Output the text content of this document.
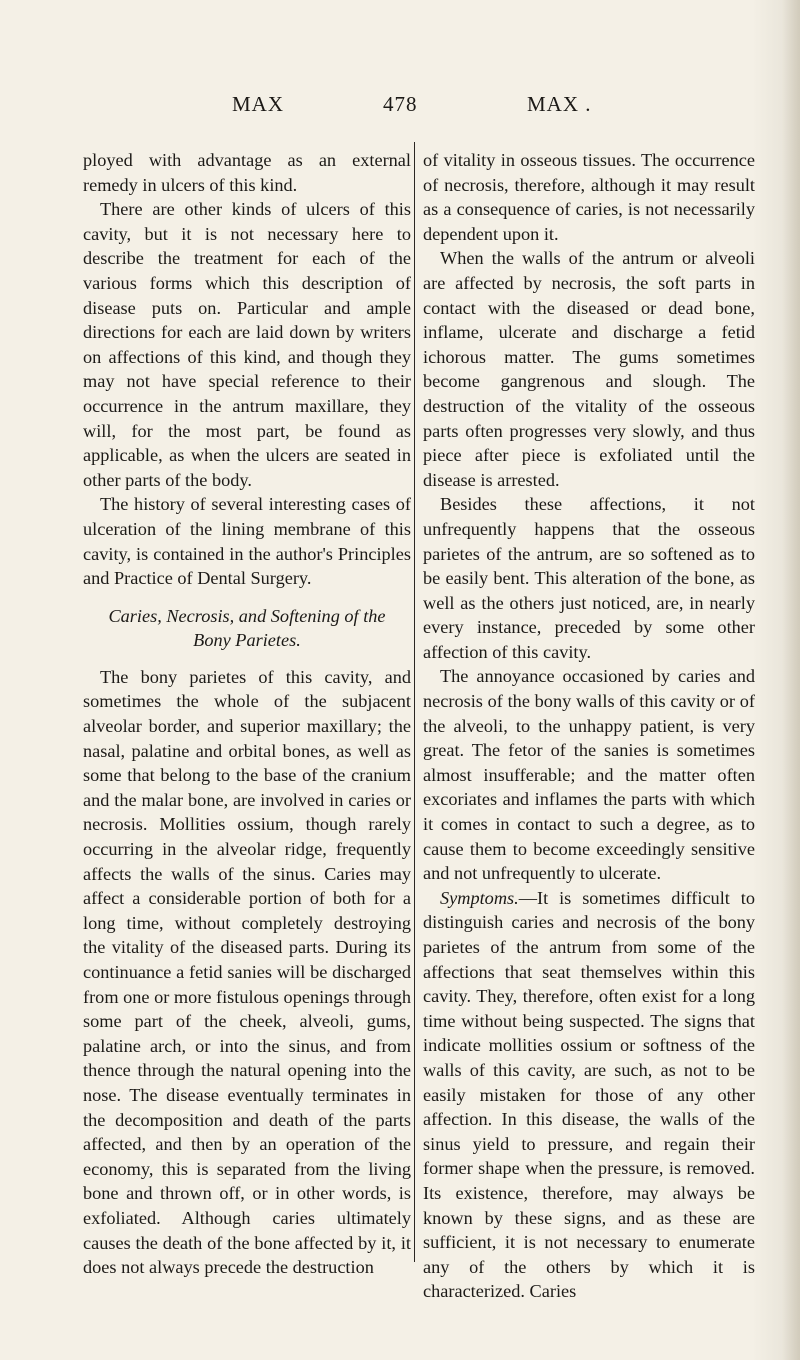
MAX	478	MAX .

ployed with advantage as an external remedy in ulcers of this kind.

There are other kinds of ulcers of this cavity, but it is not necessary here to describe the treatment for each of the various forms which this description of disease puts on. Particular and ample directions for each are laid down by writers on affections of this kind, and though they may not have special reference to their occurrence in the antrum maxillare, they will, for the most part, be found as applicable, as when the ulcers are seated in other parts of the body.

The history of several interesting cases of ulceration of the lining membrane of this cavity, is contained in the author's Principles and Practice of Dental Surgery.

Caries, Necrosis, and Softening of the Bony Parietes.

The bony parietes of this cavity, and sometimes the whole of the subjacent alveolar border, and superior maxillary; the nasal, palatine and orbital bones, as well as some that belong to the base of the cranium and the malar bone, are involved in caries or necrosis. Mollities ossium, though rarely occurring in the alveolar ridge, frequently affects the walls of the sinus. Caries may affect a considerable portion of both for a long time, without completely destroying the vitality of the diseased parts. During its continuance a fetid sanies will be discharged from one or more fistulous openings through some part of the cheek, alveoli, gums, palatine arch, or into the sinus, and from thence through the natural opening into the nose. The disease eventually terminates in the decomposition and death of the parts affected, and then by an operation of the economy, this is separated from the living bone and thrown off, or in other words, is exfoliated. Although caries ultimately causes the death of the bone affected by it, it does not always precede the destruction

of vitality in osseous tissues. The occurrence of necrosis, therefore, although it may result as a consequence of caries, is not necessarily dependent upon it.

When the walls of the antrum or alveoli are affected by necrosis, the soft parts in contact with the diseased or dead bone, inflame, ulcerate and discharge a fetid ichorous matter. The gums sometimes become gangrenous and slough. The destruction of the vitality of the osseous parts often progresses very slowly, and thus piece after piece is exfoliated until the disease is arrested.

Besides these affections, it not unfrequently happens that the osseous parietes of the antrum, are so softened as to be easily bent. This alteration of the bone, as well as the others just noticed, are, in nearly every instance, preceded by some other affection of this cavity.

The annoyance occasioned by caries and necrosis of the bony walls of this cavity or of the alveoli, to the unhappy patient, is very great. The fetor of the sanies is sometimes almost insufferable; and the matter often excoriates and inflames the parts with which it comes in contact to such a degree, as to cause them to become exceedingly sensitive and not unfrequently to ulcerate.

Symptoms.—It is sometimes difficult to distinguish caries and necrosis of the bony parietes of the antrum from some of the affections that seat themselves within this cavity. They, therefore, often exist for a long time without being suspected. The signs that indicate mollities ossium or softness of the walls of this cavity, are such, as not to be easily mistaken for those of any other affection. In this disease, the walls of the sinus yield to pressure, and regain their former shape when the pressure, is removed. Its existence, therefore, may always be known by these signs, and as these are sufficient, it is not necessary to enumerate any of the others by which it is characterized. Caries
